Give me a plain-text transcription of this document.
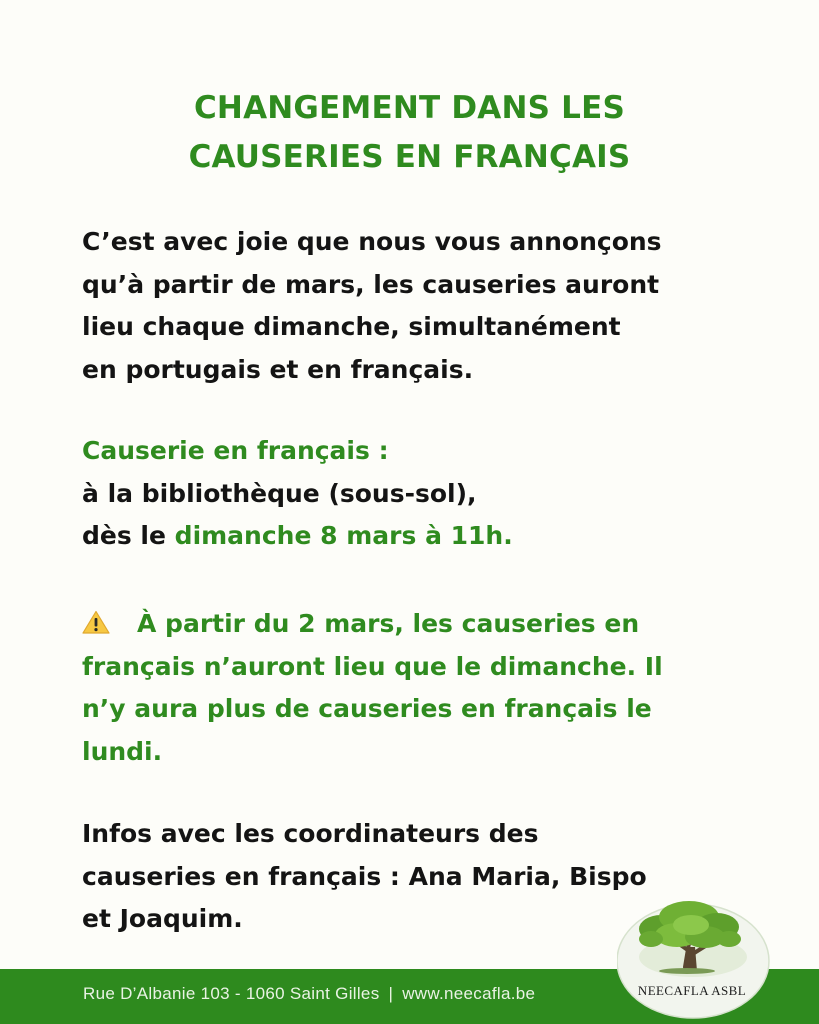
CHANGEMENT DANS LES
CAUSERIES EN FRANÇAIS
C’est avec joie que nous vous annonçons
qu’à partir de mars, les causeries auront
lieu chaque dimanche, simultanément
en portugais et en français.
Causerie en français :
à la bibliothèque (sous-sol),
dès le dimanche 8 mars à 11h.
À partir du 2 mars, les causeries en
français n’auront lieu que le dimanche. Il
n’y aura plus de causeries en français le
lundi.
Infos avec les coordinateurs des
causeries en français : Ana Maria, Bispo
et Joaquim.
Rue D’Albanie 103 - 1060 Saint Gilles | www.neecafla.be	NEECAFLA ASBL
